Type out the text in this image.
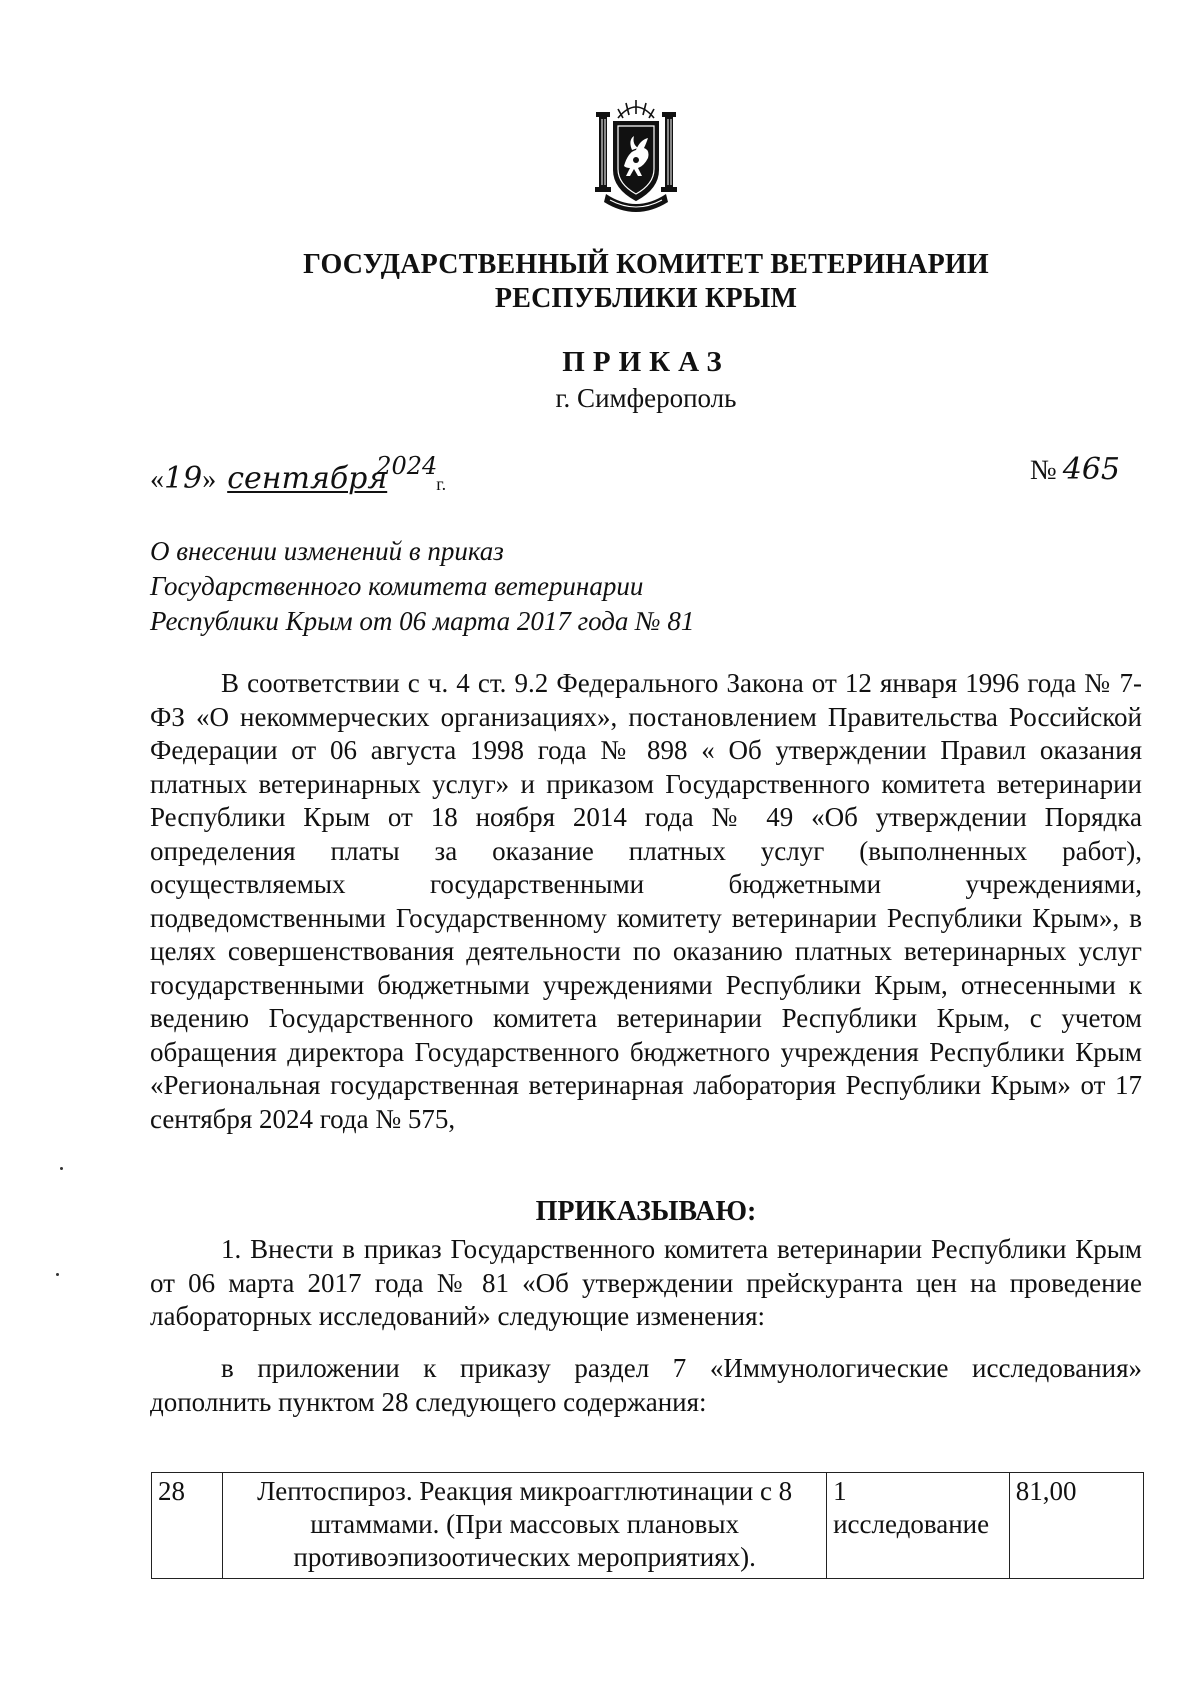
ГОСУДАРСТВЕННЫЙ КОМИТЕТ ВЕТЕРИНАРИИ
РЕСПУБЛИКИ КРЫМ
ПРИКАЗ
г. Симферополь
«19» сентября 2024 г.	№ 465
О внесении изменений в приказ
Государственного комитета ветеринарии
Республики Крым от 06 марта 2017 года № 81
В соответствии с ч. 4 ст. 9.2 Федерального Закона от 12 января 1996 года № 7-ФЗ «О некоммерческих организациях», постановлением Правительства Российской Федерации от 06 августа 1998 года № 898 « Об утверждении Правил оказания платных ветеринарных услуг» и приказом Государственного комитета ветеринарии Республики Крым от 18 ноября 2014 года № 49 «Об утверждении Порядка определения платы за оказание платных услуг (выполненных работ), осуществляемых государственными бюджетными учреждениями, подведомственными Государственному комитету ветеринарии Республики Крым», в целях совершенствования деятельности по оказанию платных ветеринарных услуг государственными бюджетными учреждениями Республики Крым, отнесенными к ведению Государственного комитета ветеринарии Республики Крым, с учетом обращения директора Государственного бюджетного учреждения Республики Крым «Региональная государственная ветеринарная лаборатория Республики Крым» от 17 сентября 2024 года № 575,
ПРИКАЗЫВАЮ:
1. Внести в приказ Государственного комитета ветеринарии Республики Крым от 06 марта 2017 года № 81 «Об утверждении прейскуранта цен на проведение лабораторных исследований» следующие изменения:
в приложении к приказу раздел 7 «Иммунологические исследования» дополнить пунктом 28 следующего содержания:
28	Лептоспироз. Реакция микроагглютинации с 8 штаммами. (При массовых плановых противоэпизоотических мероприятиях).	1 исследование	81,00
